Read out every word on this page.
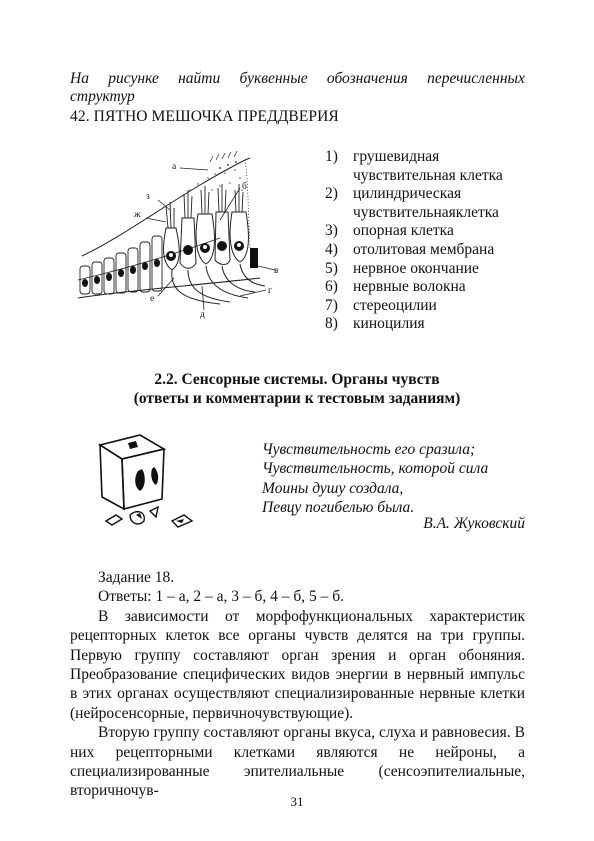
На рисунке найти буквенные обозначения перечисленных
структур
42. ПЯТНО МЕШОЧКА ПРЕДДВЕРИЯ
а
б
з
ж
в
г
е
д
1) грушевидная чувствительная клетка
2) цилиндрическая чувствительнаяклетка
3) опорная клетка
4) отолитовая мембрана
5) нервное окончание
6) нервные волокна
7) стереоцилии
8) киноцилия
2.2. Сенсорные системы. Органы чувств
(ответы и комментарии к тестовым заданиям)
Чувствительность его сразила;
Чувствительность, которой сила
Моины душу создала,
Певцу погибелью была.
В.А. Жуковский

Задание 18.

Ответы: 1 – а, 2 – а, 3 – б, 4 – б, 5 – б.

В зависимости от морфофункциональных характеристик рецепторных клеток все органы чувств делятся на три группы. Первую группу составляют орган зрения и орган обоняния. Преобразование специфических видов энергии в нервный импульс в этих органах осуществляют специализированные нервные клетки (нейросенсорные, первичночувствующие).

Вторую группу составляют органы вкуса, слуха и равновесия. В них рецепторными клетками являются не нейроны, а специализированные эпителиальные (сенсоэпителиальные, вторичночув-

31
